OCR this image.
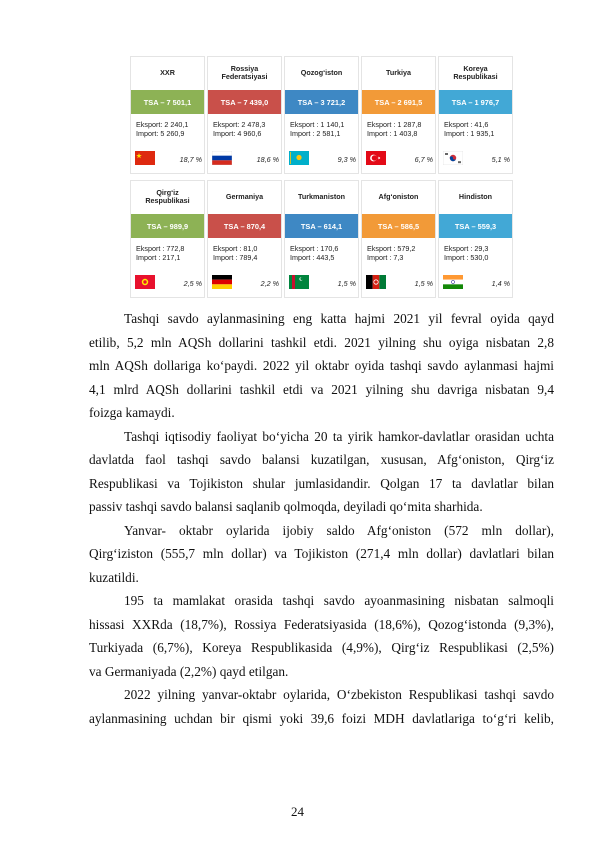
XXR
TSA – 7 501,1
Eksport: 2 240,1
Import: 5 260,9
18,7 %
Rossiya
Federatsiyasi
TSA – 7 439,0
Eksport: 2 478,3
Import: 4 960,6
18,6 %
Qozog‘iston
TSA – 3 721,2
Eksport : 1 140,1
Import : 2 581,1
9,3 %
Turkiya
TSA – 2 691,5
Eksport : 1 287,8
Import : 1 403,8
6,7 %
Koreya
Respublikasi
TSA – 1 976,7
Eksport : 41,6
Import : 1 935,1
5,1 %
Qirg‘iz
Respublikasi
TSA – 989,9
Eksport : 772,8
Import : 217,1
2,5 %
Germaniya
TSA – 870,4
Eksport : 81,0
Import : 789,4
2,2 %
Turkmaniston
TSA – 614,1
Eksport : 170,6
Import : 443,5
1,5 %
Afg‘oniston
TSA – 586,5
Eksport : 579,2
Import : 7,3
1,5 %
Hindiston
TSA – 559,3
Eksport : 29,3
Import : 530,0
1,4 %
Tashqi savdo aylanmasining eng katta hajmi 2021 yil fevral oyida qayd
etilib, 5,2 mln AQSh dollarini tashkil etdi. 2021 yilning shu oyiga nisbatan 2,8
mln AQSh dollariga ko‘paydi. 2022 yil oktabr oyida tashqi savdo aylanmasi hajmi
4,1 mlrd AQSh dollarini tashkil etdi va 2021 yilning shu davriga nisbatan 9,4
foizga kamaydi.
Tashqi iqtisodiy faoliyat bo‘yicha 20 ta yirik hamkor-davlatlar orasidan uchta
davlatda faol tashqi savdo balansi kuzatilgan, xususan, Afg‘oniston, Qirg‘iz
Respublikasi va Tojikiston shular jumlasidandir. Qolgan 17 ta davlatlar bilan
passiv tashqi savdo balansi saqlanib qolmoqda, deyiladi qo‘mita sharhida.
Yanvar- oktabr oylarida ijobiy saldo Afg‘oniston (572 mln dollar),
Qirg‘iziston (555,7 mln dollar) va Tojikiston (271,4 mln dollar) davlatlari bilan
kuzatildi.
195 ta mamlakat orasida tashqi savdo ayoanmasining nisbatan salmoqli
hissasi XXRda (18,7%), Rossiya Federatsiyasida (18,6%), Qozog‘istonda (9,3%),
Turkiyada (6,7%), Koreya Respublikasida (4,9%), Qirg‘iz Respublikasi (2,5%)
va Germaniyada (2,2%) qayd etilgan.
2022 yilning yanvar-oktabr oylarida, O‘zbekiston Respublikasi tashqi savdo
aylanmasining uchdan bir qismi yoki 39,6 foizi MDH davlatlariga to‘g‘ri kelib,
24
